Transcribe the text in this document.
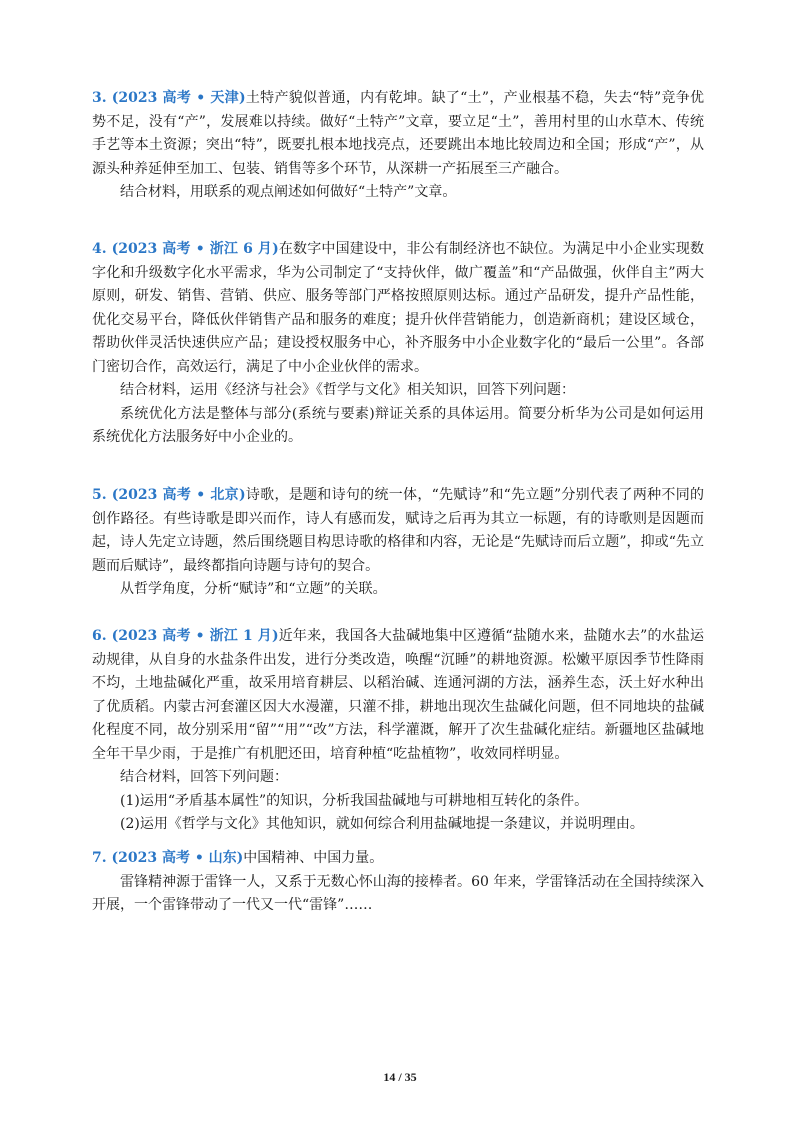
3. (2023 高考 • 天津)土特产貌似普通，内有乾坤。缺了“土”，产业根基不稳，失去“特”竞争优势不足，没有“产”，发展难以持续。做好“土特产”文章，要立足“土”，善用村里的山水草木、传统手艺等本土资源；突出“特”，既要扎根本地找亮点，还要跳出本地比较周边和全国；形成“产”，从源头种养延伸至加工、包装、销售等多个环节，从深耕一产拓展至三产融合。

结合材料，用联系的观点阐述如何做好“土特产”文章。

4. (2023 高考 • 浙江 6 月)在数字中国建设中，非公有制经济也不缺位。为满足中小企业实现数字化和升级数字化水平需求，华为公司制定了“支持伙伴，做广覆盖”和“产品做强，伙伴自主”两大原则，研发、销售、营销、供应、服务等部门严格按照原则达标。通过产品研发，提升产品性能，优化交易平台，降低伙伴销售产品和服务的难度；提升伙伴营销能力，创造新商机；建设区域仓，帮助伙伴灵活快速供应产品；建设授权服务中心，补齐服务中小企业数字化的“最后一公里”。各部门密切合作，高效运行，满足了中小企业伙伴的需求。

结合材料，运用《经济与社会》《哲学与文化》相关知识，回答下列问题：

系统优化方法是整体与部分(系统与要素)辩证关系的具体运用。简要分析华为公司是如何运用系统优化方法服务好中小企业的。

5. (2023 高考 • 北京)诗歌，是题和诗句的统一体，“先赋诗”和“先立题”分别代表了两种不同的创作路径。有些诗歌是即兴而作，诗人有感而发，赋诗之后再为其立一标题，有的诗歌则是因题而起，诗人先定立诗题，然后围绕题目构思诗歌的格律和内容，无论是“先赋诗而后立题”，抑或“先立题而后赋诗”，最终都指向诗题与诗句的契合。

从哲学角度，分析“赋诗”和“立题”的关联。

6. (2023 高考 • 浙江 1 月)近年来，我国各大盐碱地集中区遵循“盐随水来，盐随水去”的水盐运动规律，从自身的水盐条件出发，进行分类改造，唤醒“沉睡”的耕地资源。松嫩平原因季节性降雨不均，土地盐碱化严重，故采用培育耕层、以稻治碱、连通河湖的方法，涵养生态，沃土好水种出了优质稻。内蒙古河套灌区因大水漫灌，只灌不排，耕地出现次生盐碱化问题，但不同地块的盐碱化程度不同，故分别采用“留”“用”“改”方法，科学灌溉，解开了次生盐碱化症结。新疆地区盐碱地全年干旱少雨，于是推广有机肥还田，培育种植“吃盐植物”，收效同样明显。

结合材料，回答下列问题：

(1)运用“矛盾基本属性”的知识，分析我国盐碱地与可耕地相互转化的条件。

(2)运用《哲学与文化》其他知识，就如何综合利用盐碱地提一条建议，并说明理由。

7. (2023 高考 • 山东)中国精神、中国力量。

雷锋精神源于雷锋一人，又系于无数心怀山海的接棒者。60 年来，学雷锋活动在全国持续深入开展，一个雷锋带动了一代又一代“雷锋”……

14 / 35
